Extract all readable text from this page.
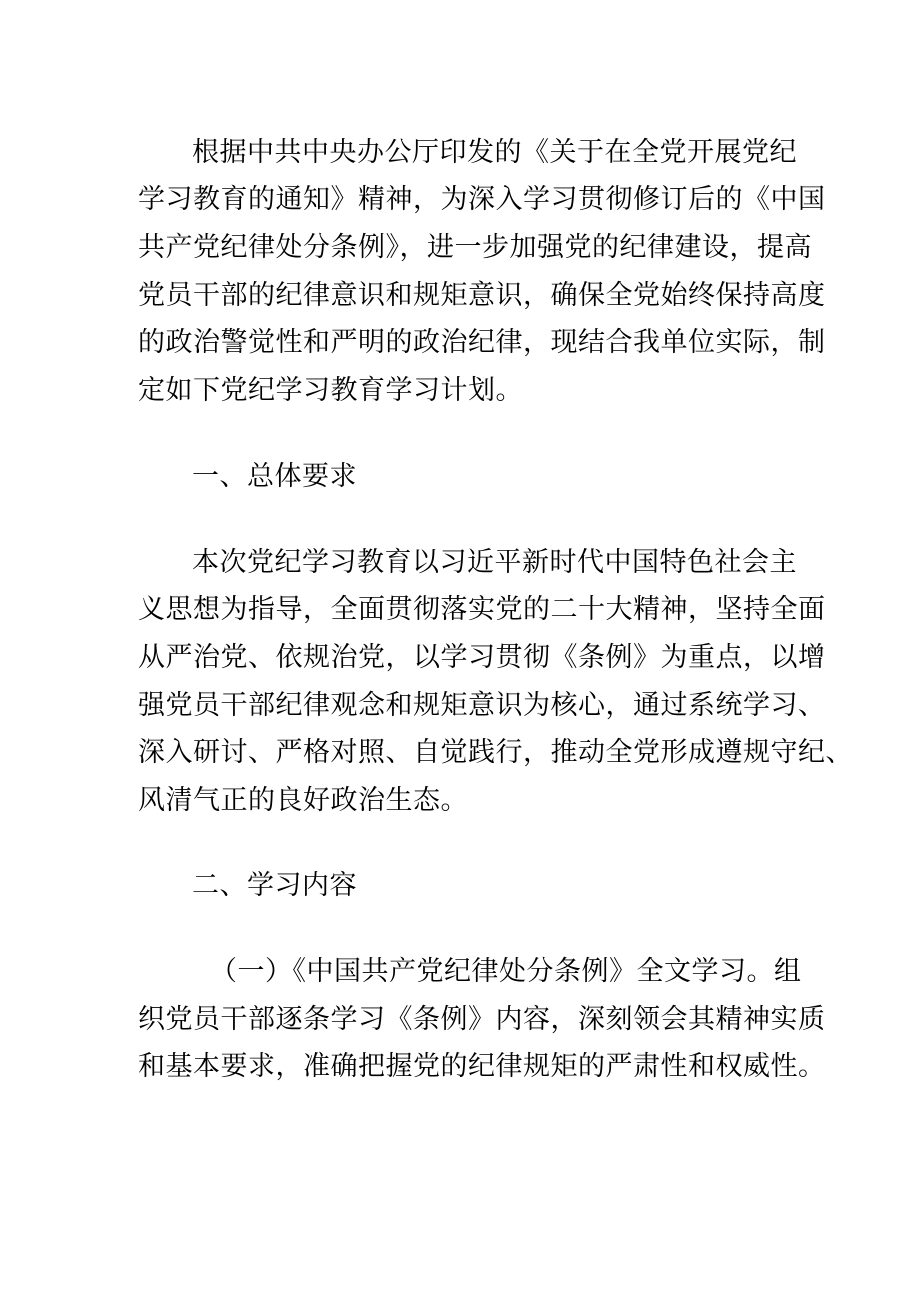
根据中共中央办公厅印发的《关于在全党开展党纪
学习教育的通知》精神，为深入学习贯彻修订后的《中国
共产党纪律处分条例》，进一步加强党的纪律建设，提高
党员干部的纪律意识和规矩意识，确保全党始终保持高度
的政治警觉性和严明的政治纪律，现结合我单位实际，制
定如下党纪学习教育学习计划。
一、总体要求
本次党纪学习教育以习近平新时代中国特色社会主
义思想为指导，全面贯彻落实党的二十大精神，坚持全面
从严治党、依规治党，以学习贯彻《条例》为重点，以增
强党员干部纪律观念和规矩意识为核心，通过系统学习、
深入研讨、严格对照、自觉践行，推动全党形成遵规守纪、
风清气正的良好政治生态。
二、学习内容
（一）《中国共产党纪律处分条例》全文学习。组
织党员干部逐条学习《条例》内容，深刻领会其精神实质
和基本要求，准确把握党的纪律规矩的严肃性和权威性。
